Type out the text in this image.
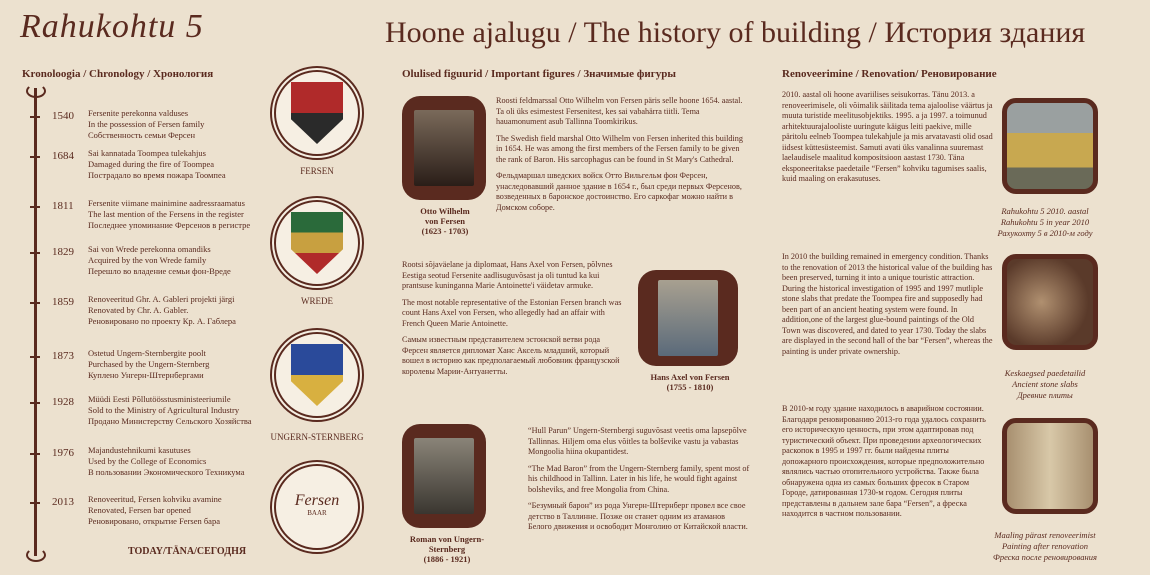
Rahukohtu 5	Hoone ajalugu / The history of building / История здания
Kronoloogia / Chronology / Хронология
1540 Fersenite perekonna valduses
In the possession of Fersen family
Собственность семьи Ферсен
1684 Sai kannatada Toompea tulekahjus
Damaged during the fire of Toompea
Пострадало во время пожара Тоомпеа
1811 Fersenite viimane mainimine aadressraamatus
The last mention of the Fersens in the register
Последнее упоминание Ферсенов в регистре
1829 Sai von Wrede perekonna omandiks
Acquired by the von Wrede family
Перешло во владение семьи фон-Вреде
1859 Renoveeritud Ghr. A. Gableri projekti järgi
Renovated by Chr. A. Gabler.
Реновировано по проекту Кр. А. Габлера
1873 Ostetud Ungern-Sternbergite poolt
Purchased by the Ungern-Sternberg
Куплено Унгерн-Штернбергами
1928 Müüdi Eesti Põllutöösstusministeeriumile
Sold to the Ministry of Agricultural Industry
Продано Министерству Сельского Хозяйства
1976 Majandustehnikumi kasutuses
Used by the College of Economics
В пользовании Экономического Техникума
2013 Renoveeritud, Fersen kohviku avamine
Renovated, Fersen bar opened
Реновировано, открытие Fersen бара
FERSEN
WREDE
UNGERN-STERNBERG
Fersen
BAAR
TODAY/TÄNA/СЕГОДНЯ
Olulised figuurid / Important figures / Значимые фигуры
Otto Wilhelm
von Fersen
(1623 - 1703)

Roosti feldmarssal Otto Wilhelm von Fersen päris selle hoone 1654. aastal. Ta oli üks esimestest Fersenitest, kes sai vabahärra tiitli. Tema hauamonument asub Tallinna Toomkirikus.

The Swedish field marshal Otto Wilhelm von Fersen inherited this building in 1654. He was among the first members of the Fersen family to be given the rank of Baron. His sarcophagus can be found in St Mary's Cathedral.

Фельдмаршал шведских войск Отто Вильгельм фон Ферсен, унаследовавший данное здание в 1654 г., был среди первых Ферсенов, возведенных в баронское достоинство. Его саркофаг можно найти в Домском соборе.

Rootsi sõjaväelane ja diplomaat, Hans Axel von Fersen, põlvnes Eestiga seotud Fersenite aadlisuguvõsast ja oli tuntud ka kui prantsuse kuninganna Marie Antoinette'i väidetav armuke.

The most notable representative of the Estonian Fersen branch was count Hans Axel von Fersen, who allegedly had an affair with French Queen Marie Antoinette.

Самым известным представителем эстонской ветви рода Ферсен является дипломат Ханс Аксель младший, который вошел в историю как предполагаемый любовник французской королевы Марии-Антуанетты.

Hans Axel von Fersen
(1755 - 1810)
Roman von Ungern-Sternberg
(1886 - 1921)

“Hull Parun” Ungern-Sternbergi suguvõsast veetis oma lapsepõlve Tallinnas. Hiljem oma elus võitles ta bolševike vastu ja vabastas Mongoolia hiina okupantidest.

“The Mad Baron” from the Ungern-Sternberg family, spent most of his childhood in Tallinn. Later in his life, he would fight against bolsheviks, and free Mongolia from China.

“Безумный барон” из рода Унгерн-Штернберг провел все свое детство в Таллинне. Позже он станет одним из атаманов Белого движения и освободит Монголию от Китайской власти.

Renoveerimine / Renovation/ Реновирование

2010. aastal oli hoone avariilises seisukorras. Tänu 2013. a renoveerimisele, oli võimalik säilitada tema ajaloolise väärtus ja muuta turistide meelitusobjektiks. 1995. a ja 1997. a toimunud arhitektuurajalooliste uuringute käigus leiti paekive, mille päritolu eelneb Toompea tulekahjule ja mis arvatavasti olid osad iidsest küttesüsteemist. Samuti avati üks vanalinna suuremast laelaudisele maalitud kompositsioon aastast 1730. Täna eksponeeritakse paedetaile “Fersen” kohviku tagumises saalis, kuid maaling on erakasutuses.

In 2010 the building remained in emergency condition. Thanks to the renovation of 2013 the historical value of the building has been preserved, turning it into a unique touristic attraction. During the historical investigation of 1995 and 1997 mutliple stone slabs that predate the Toompea fire and supposedly had been part of an ancient heating system were found. In addition,one of the largest glue-bound paintings of the Old Town was discovered, and dated to year 1730. Today the slabs are displayed in the second hall of the bar “Fersen”, whereas the painting is under private ownership.

В 2010-м году здание находилось в аварийном состоянии. Благодаря реновированию 2013-го года удалось сохранить его историческую ценность, при этом адаптировав под туристический объект. При проведении археологических раскопок в 1995 и 1997 гг. были найдены плиты допожарного происхождения, которые предположительно являлись частью отопительного устройства. Также была обнаружена одна из самых больших фресок в Старом Городе, датированная 1730-м годом. Сегодня плиты представлены в дальнем зале бара “Fersen”, а фреска находится в частном пользовании.

Rahukohtu 5 2010. aastal
Rahukohtu 5 in year 2010
Рахукохту 5 в 2010-м году
Keskaegsed paedetailid
Ancient stone slabs
Древние плиты
Maaling pärast renoveerimist
Painting after renovation
Фреска после реновирования
